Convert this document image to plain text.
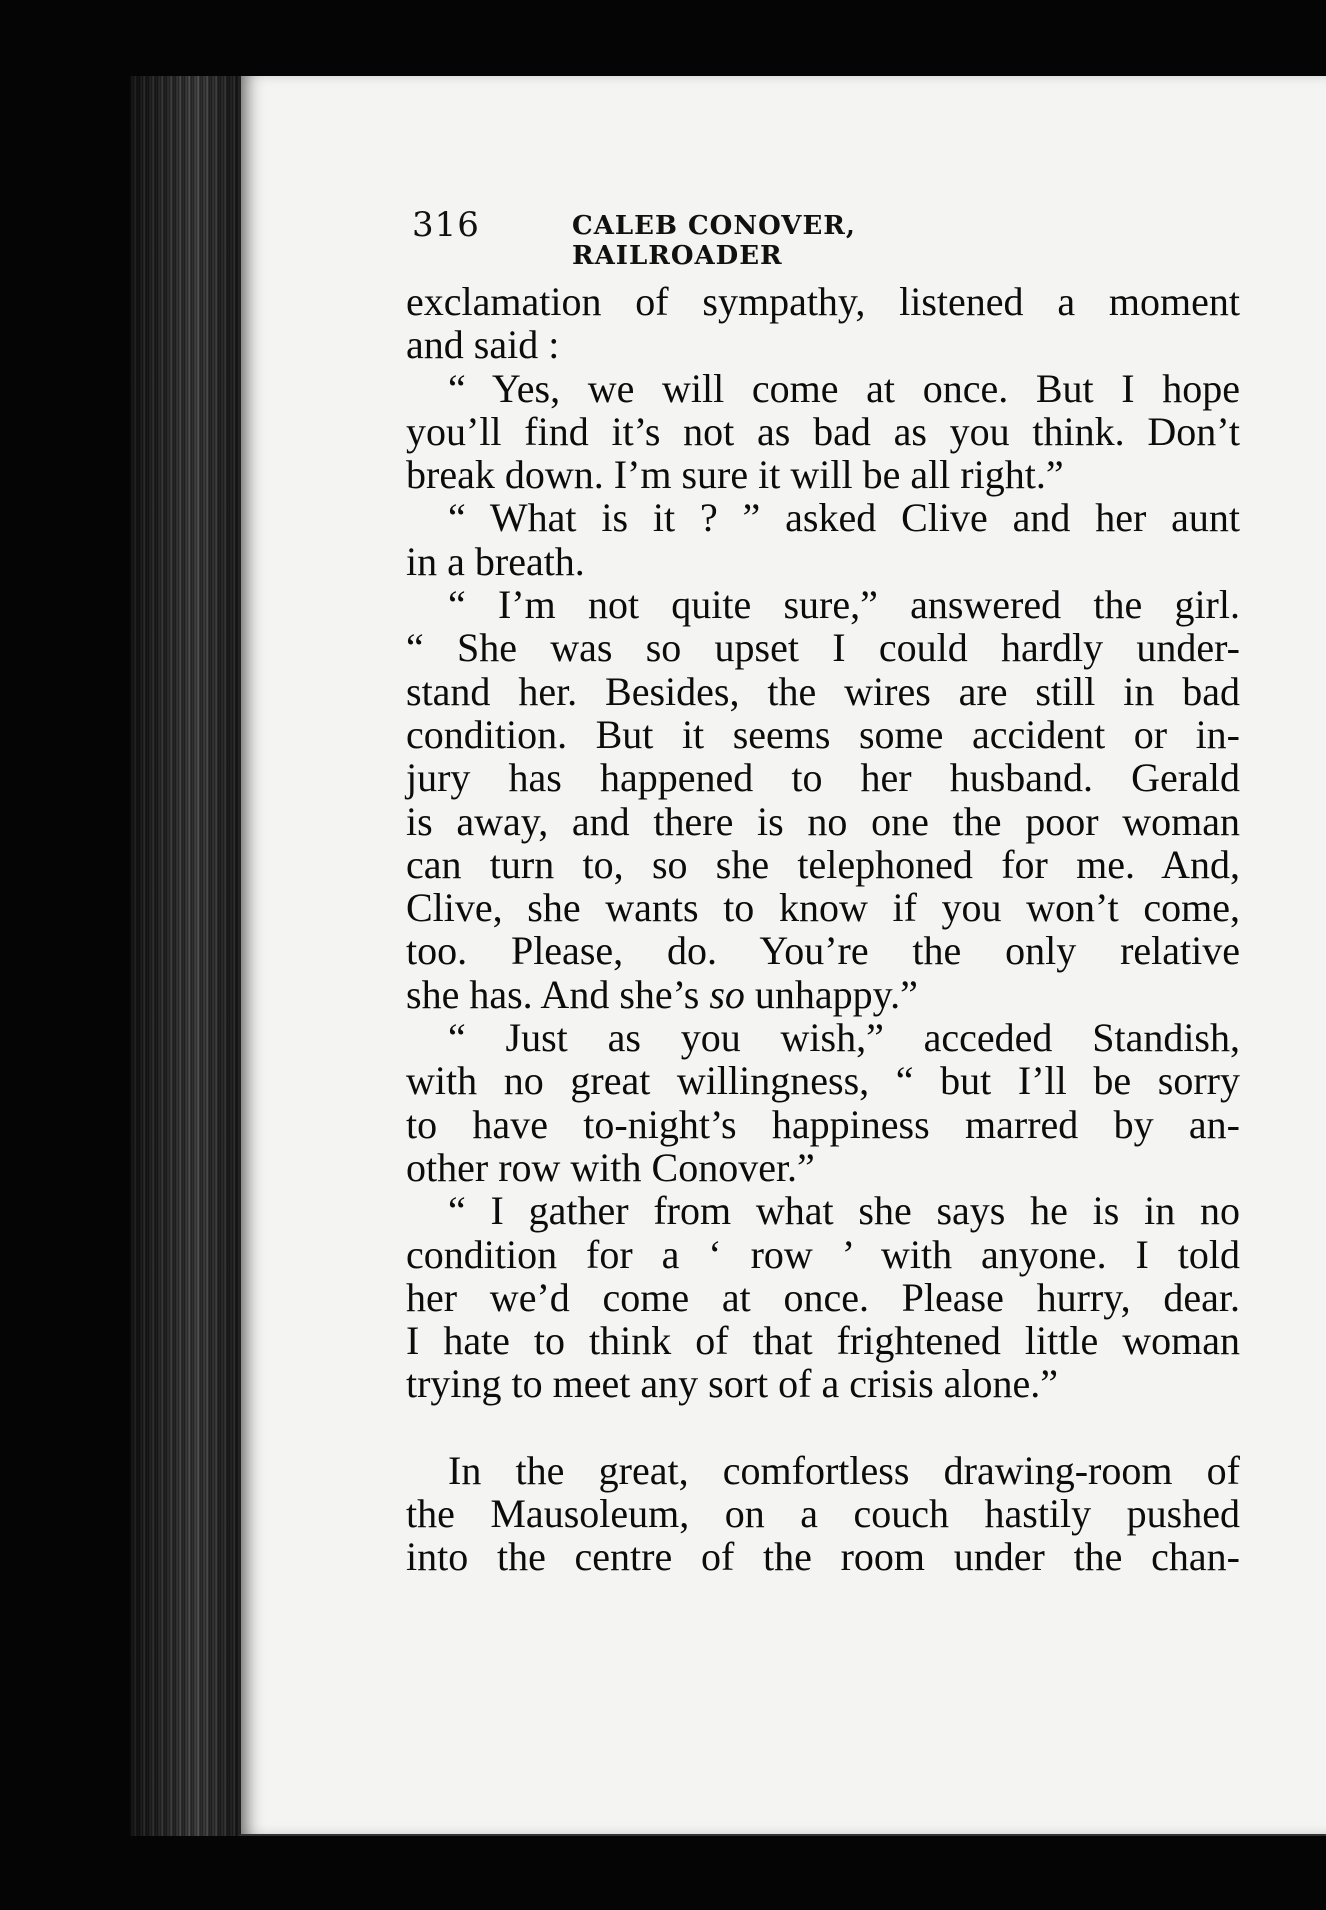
316	CALEB CONOVER, RAILROADER

exclamation of sympathy, listened a moment
and said :

“ Yes, we will come at once. But I hope
you’ll find it’s not as bad as you think. Don’t
break down. I’m sure it will be all right.”

“ What is it ? ” asked Clive and her aunt
in a breath.

“ I’m not quite sure,” answered the girl.
“ She was so upset I could hardly under-
stand her. Besides, the wires are still in bad
condition. But it seems some accident or in-
jury has happened to her husband. Gerald
is away, and there is no one the poor woman
can turn to, so she telephoned for me. And,
Clive, she wants to know if you won’t come,
too. Please, do. You’re the only relative
she has. And she’s so unhappy.”
“ Just as you wish,” acceded Standish,
with no great willingness, “ but I’ll be sorry
to have to-night’s happiness marred by an-
other row with Conover.”

“ I gather from what she says he is in no
condition for a ‘ row ’ with anyone. I told
her we’d come at once. Please hurry, dear.
I hate to think of that frightened little woman
trying to meet any sort of a crisis alone.”

In the great, comfortless drawing-room of
the Mausoleum, on a couch hastily pushed
into the centre of the room under the chan-
